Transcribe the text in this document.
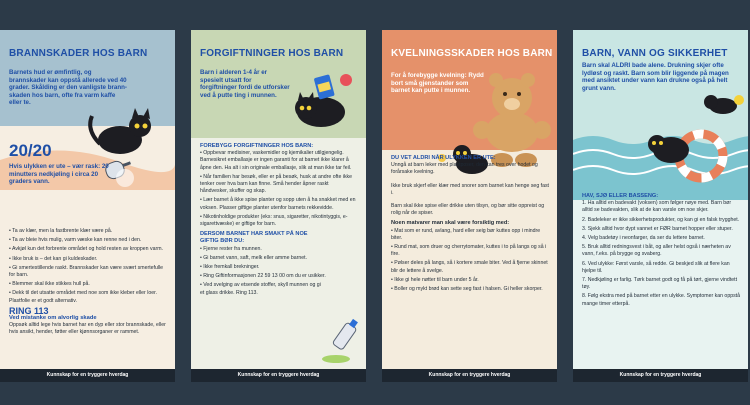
BRANNSKADER HOS BARN
Barnets hud er ømfintlig, og brannskader kan oppstå allerede ved 40 grader. Skålding er den vanligste brann-skaden hos barn, ofte fra varm kaffe eller te.
20/20
Hvis ulykken er ute – vær rask: 20 minutters nedkjøling i circa 20 graders vann.

• Ta av klær, men la fastbrente klær være på.

• Ta av bleie hvis mulig, varm væske kan renne ned i den.

• Avkjøl kun det forbrente området og hold resten av kroppen varm.

• Ikke bruk is – det kan gi kuldeskader.

• Gi smertestillende raskt. Brannskader kan være svært smertefulle for barn.

• Blemmer skal ikke stikkes hull på.

• Dekk til det utsatte området med noe som ikke kleber eller loer. Plastfolie er et godt alternativ.

RING 113
Ved mistanke om alvorlig skade

Oppsøk alltid lege hvis barnet har en dyp eller stor brannskade, eller hvis ansikt, hender, føtter eller kjønnsorganer er rammet.

Kunnskap for en tryggere hverdag
FORGIFTNINGER HOS BARN
Barn i alderen 1-4 år er spesielt utsatt for forgiftninger fordi de utforsker ved å putte ting i munnen.
FOREBYGG FORGIFTNINGER HOS BARN:

• Oppbevar medisiner, vaskemidler og kjemikalier utilgjengelig. Barnesikret emballasje er ingen garanti for at barnet ikke klarer å åpne den. Ha alt i sin originale emballasje, slik at man ikke tar feil.

• Når familien har besøk, eller er på besøk, husk at andre ofte ikke tenker over hva barn kan finne. Små hender åpner raskt håndvesker, skuffer og skap.

• Lær barnet å ikke spise planter og sopp uten å ha snakket med en voksen. Plasser giftige planter utenfor barnets rekkevidde.

• Nikotinholdige produkter (eks: snus, sigaretter, nikotintyggis, e-sigarettvæske) er giftige for barn.

DERSOM BARNET HAR SMAKT PÅ NOE GIFTIG BØR DU:

• Fjerne rester fra munnen.

• Gi barnet vann, saft, melk eller amme barnet.

• Ikke fremkall brekninger.

• Ring Giftinformasjonen 22 59 13 00 om du er usikker.

• Ved svelging av etsende stoffer, skyll munnen og gi et glass drikke. Ring 113.

Kunnskap for en tryggere hverdag
KVELNINGSSKADER HOS BARN
For å forebygge kvelning: Rydd bort små gjenstander som barnet kan putte i munnen.
DU VET ALDRI NÅR ULYKKEN ER UTE:

Unngå at barn leker med plastposer, den kan tres over hodet og forårsake kvelning.

Ikke bruk skjerf eller klær med snorer som barnet kan henge seg fast i.

Barn skal ikke spise eller drikke uten tilsyn, og bør sitte oppreist og rolig når de spiser.

Noen matvarer man skal være forsiktig med:

• Mat som er rund, avlang, hard eller seig bør kuttes opp i mindre biter.

• Rund mat, som druer og cherrytomater, kuttes i to på langs og så i fire.

• Pølser deles på langs, så i kortere smale biter. Ved å fjerne skinnet blir de lettere å svelge.

• Ikke gi hele nøtter til barn under 5 år.

• Boller og mykt brød kan sette seg fast i halsen. Gi heller skorper.

Kunnskap for en tryggere hverdag
BARN, VANN OG SIKKERHET
Barn skal ALDRI bade alene. Drukning skjer ofte lydløst og raskt. Barn som blir liggende på magen med ansiktet under vann kan drukne også på helt grunt vann.
HAV, SJØ ELLER BASSENG:

1. Ha alltid en badevakt (voksen) som følger nøye med. Barn bør alltid se badevakten, slik at de kan varsle om noe skjer.

2. Badeleker er ikke sikkerhetsprodukter, og kan gi en falsk trygghet.

3. Sjekk alltid hvor dypt vannet er FØR barnet hopper eller stuper.

4. Velg badetøy i neonfarger, da ser du lettere barnet.

5. Bruk alltid redningsvest i båt, og aller helst også i nærheten av vann, f.eks. på brygge og svaberg.

6. Ved ulykke: Først varsle, så redde. Gi beskjed slik at flere kan hjelpe til.

7. Nedkjøling er farlig. Tørk barnet godt og få på tørt, gjerne vindtett tøy.

8. Følg ekstra med på barnet etter en ulykke. Symptomer kan oppstå mange timer etterpå.

Kunnskap for en tryggere hverdag
